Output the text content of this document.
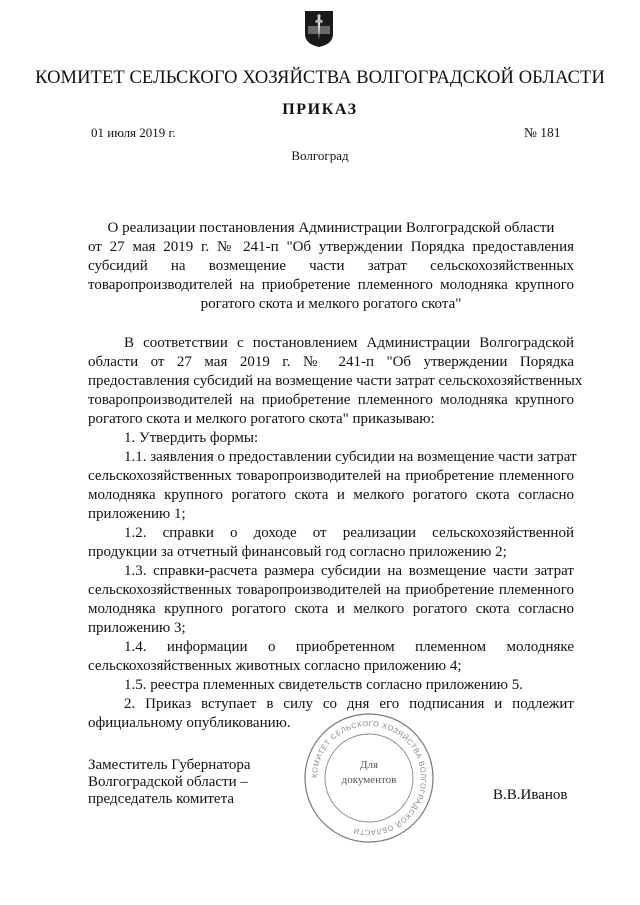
КОМИТЕТ СЕЛЬСКОГО ХОЗЯЙСТВА ВОЛГОГРАДСКОЙ ОБЛАСТИ
ПРИКАЗ
01 июля 2019 г.	№ 181
Волгоград
О реализации постановления Администрации Волгоградской области
от 27 мая 2019 г. № 241-п "Об утверждении Порядка предоставления
субсидий на возмещение части затрат сельскохозяйственных
товаропроизводителей на приобретение племенного молодняка крупного
рогатого скота и мелкого рогатого скота"
В соответствии с постановлением Администрации Волгоградской
области от 27 мая 2019 г. № 241-п "Об утверждении Порядка
предоставления субсидий на возмещение части затрат сельскохозяйственных
товаропроизводителей на приобретение племенного молодняка крупного
рогатого скота и мелкого рогатого скота" приказываю:
1. Утвердить формы:
1.1. заявления о предоставлении субсидии на возмещение части затрат
сельскохозяйственных товаропроизводителей на приобретение племенного
молодняка крупного рогатого скота и мелкого рогатого скота согласно
приложению 1;
1.2. справки о доходе от реализации сельскохозяйственной
продукции за отчетный финансовый год согласно приложению 2;
1.3. справки-расчета размера субсидии на возмещение части затрат
сельскохозяйственных товаропроизводителей на приобретение племенного
молодняка крупного рогатого скота и мелкого рогатого скота согласно
приложению 3;
1.4. информации о приобретенном племенном молодняке
сельскохозяйственных животных согласно приложению 4;
1.5. реестра племенных свидетельств согласно приложению 5.
2. Приказ вступает в силу со дня его подписания и подлежит
официальному опубликованию.
Заместитель Губернатора
Волгоградской области –
председатель комитета	В.В.Иванов
КОМИТЕТ СЕЛЬСКОГО ХОЗЯЙСТВА ВОЛГОГРАДСКОЙ ОБЛАСТИ
Для
документов
